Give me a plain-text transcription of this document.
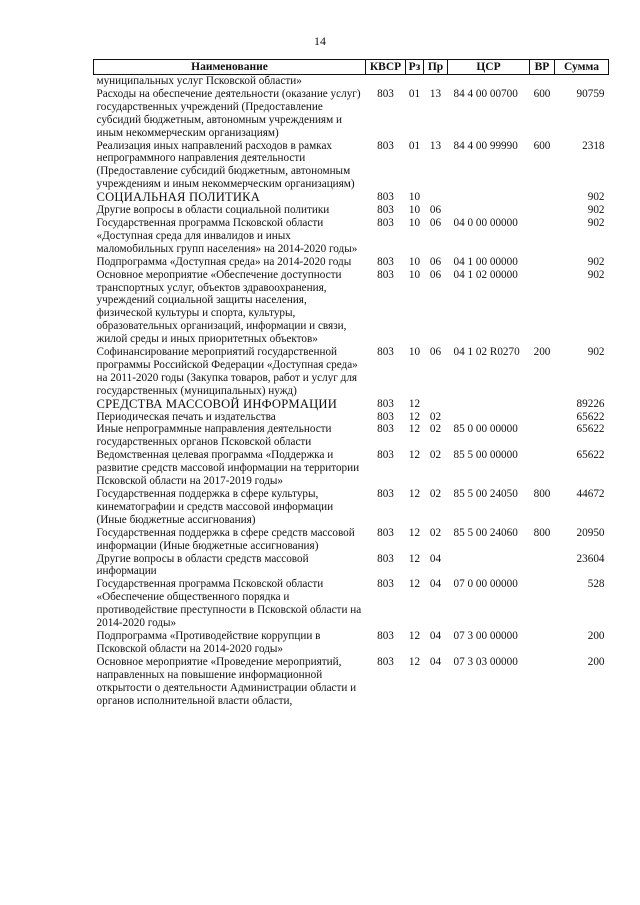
14
Наименование	КВСР	Рз	Пр	ЦСР	ВР	Сумма
муниципальных услуг Псковской области»						
Расходы на обеспечение деятельности (оказание услуг) государственных учреждений (Предоставление субсидий бюджетным, автономным учреждениям и иным некоммерческим организациям)	803	01	13	84 4 00 00700	600	90759
Реализация иных направлений расходов в рамках непрограммного направления деятельности (Предоставление субсидий бюджетным, автономным учреждениям и иным некоммерческим организациям)	803	01	13	84 4 00 99990	600	2318
СОЦИАЛЬНАЯ ПОЛИТИКА	803	10				902
Другие вопросы в области социальной политики	803	10	06			902
Государственная программа Псковской области «Доступная среда для инвалидов и иных маломобильных групп населения» на 2014-2020 годы»	803	10	06	04 0 00 00000		902
Подпрограмма «Доступная среда» на 2014-2020 годы	803	10	06	04 1 00 00000		902
Основное мероприятие «Обеспечение доступности транспортных услуг, объектов здравоохранения, учреждений социальной защиты населения, физической культуры и спорта, культуры, образовательных организаций, информации и связи, жилой среды и иных приоритетных объектов»	803	10	06	04 1 02 00000		902
Софинансирование мероприятий государственной программы Российской Федерации «Доступная среда» на 2011-2020 годы (Закупка товаров, работ и услуг для государственных (муниципальных) нужд)	803	10	06	04 1 02 R0270	200	902
СРЕДСТВА МАССОВОЙ ИНФОРМАЦИИ	803	12				89226
Периодическая печать и издательства	803	12	02			65622
Иные непрограммные направления деятельности государственных органов Псковской области	803	12	02	85 0 00 00000		65622
Ведомственная целевая программа «Поддержка и развитие средств массовой информации на территории Псковской области на 2017-2019 годы»	803	12	02	85 5 00 00000		65622
Государственная поддержка в сфере культуры, кинематографии и средств массовой информации (Иные бюджетные ассигнования)	803	12	02	85 5 00 24050	800	44672
Государственная поддержка в сфере средств массовой информации (Иные бюджетные ассигнования)	803	12	02	85 5 00 24060	800	20950
Другие вопросы в области средств массовой информации	803	12	04			23604
Государственная программа Псковской области «Обеспечение общественного порядка и противодействие преступности в Псковской области на 2014-2020 годы»	803	12	04	07 0 00 00000		528
Подпрограмма «Противодействие коррупции в Псковской области на 2014-2020 годы»	803	12	04	07 3 00 00000		200
Основное мероприятие «Проведение мероприятий, направленных на повышение информационной открытости о деятельности Администрации области и органов исполнительной власти области,	803	12	04	07 3 03 00000		200
